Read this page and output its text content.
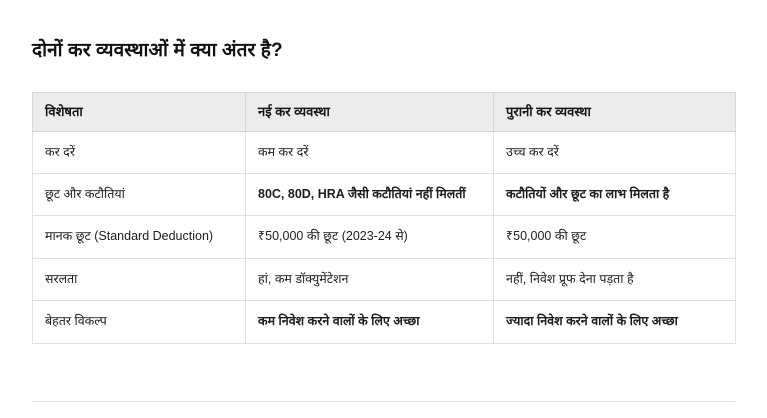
दोनों कर व्यवस्थाओं में क्या अंतर है?
विशेषता	नई कर व्यवस्था	पुरानी कर व्यवस्था
कर दरें	कम कर दरें	उच्च कर दरें
छूट और कटौतियां	80C, 80D, HRA जैसी कटौतियां नहीं मिलतीं	कटौतियों और छूट का लाभ मिलता है
मानक छूट (Standard Deduction)	₹50,000 की छूट (2023-24 से)	₹50,000 की छूट
सरलता	हां, कम डॉक्युमेंटेशन	नहीं, निवेश प्रूफ देना पड़ता है
बेहतर विकल्प	कम निवेश करने वालों के लिए अच्छा	ज्यादा निवेश करने वालों के लिए अच्छा
